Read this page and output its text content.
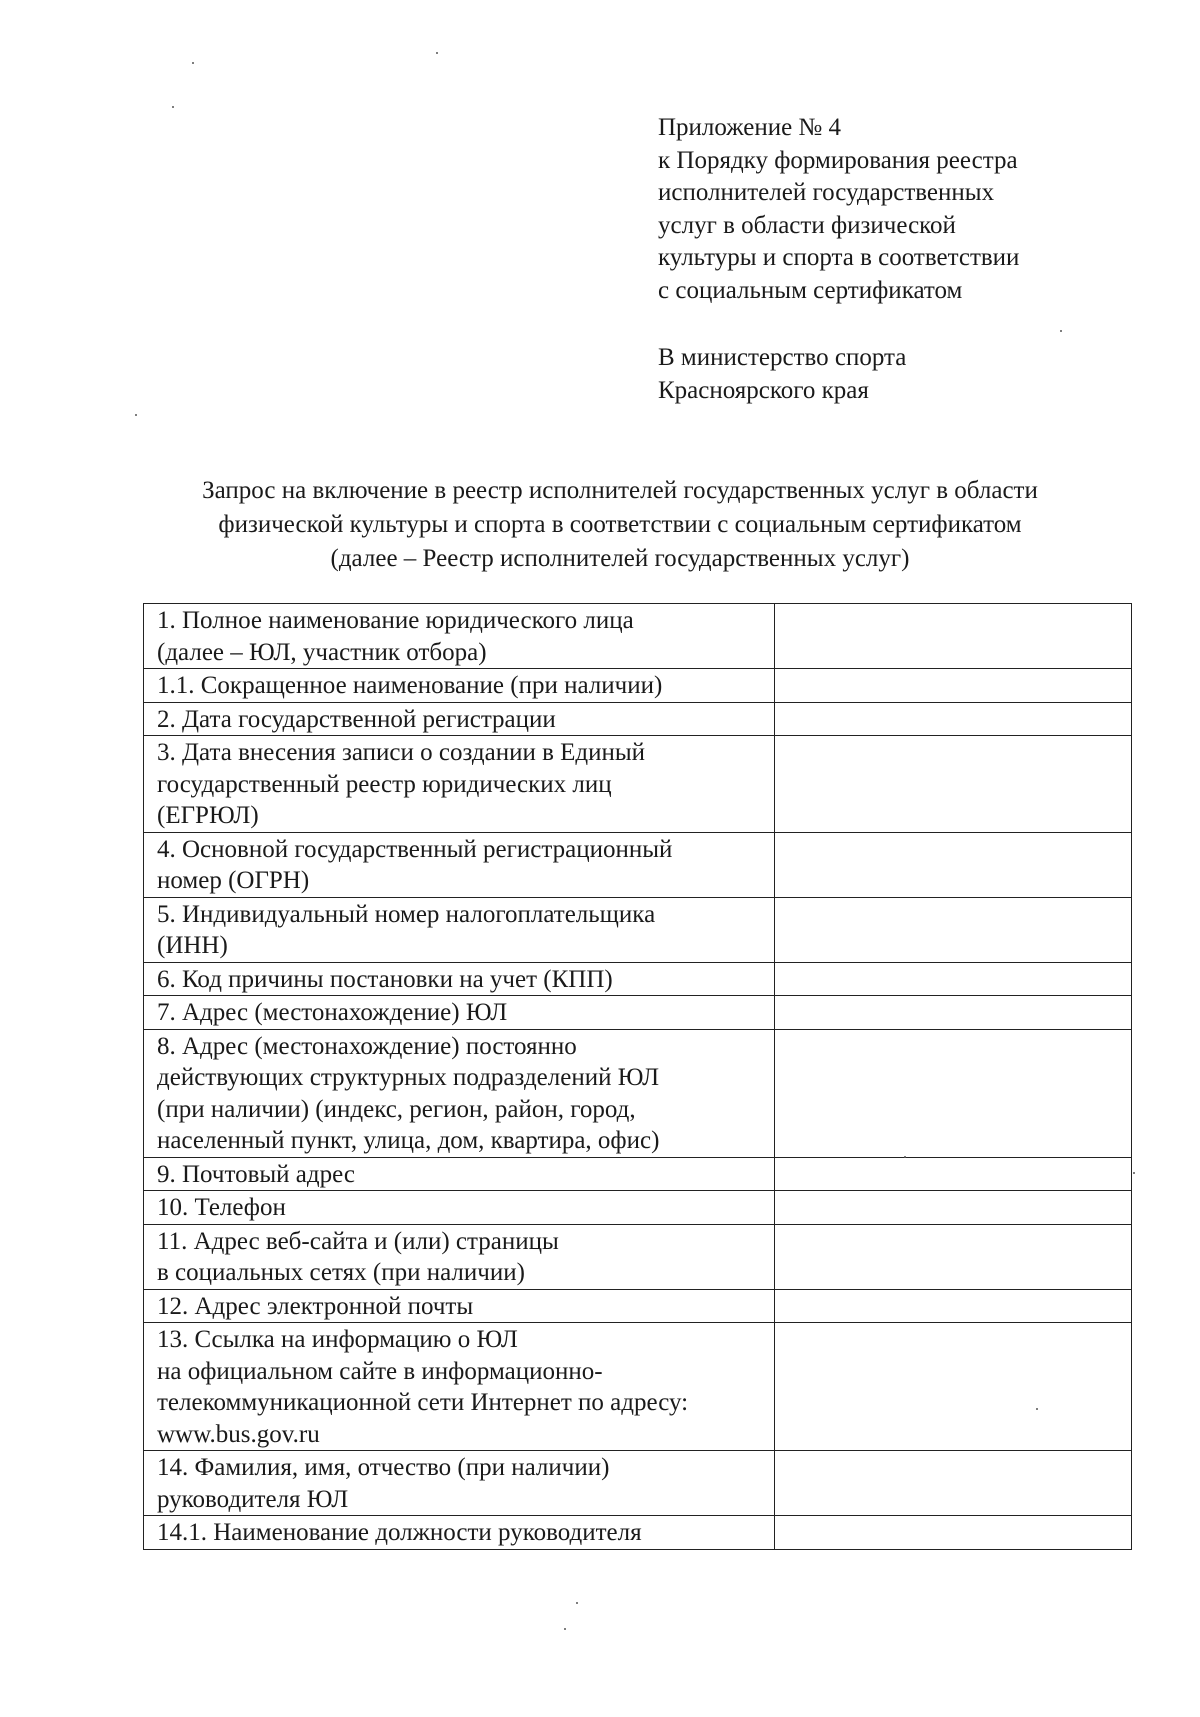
Приложение № 4
к Порядку формирования реестра
исполнителей государственных
услуг в области физической
культуры и спорта в соответствии
с социальным сертификатом
В министерство спорта
Красноярского края
Запрос на включение в реестр исполнителей государственных услуг в области
физической культуры и спорта в соответствии с социальным сертификатом
(далее – Реестр исполнителей государственных услуг)
1. Полное наименование юридического лица
(далее – ЮЛ, участник отбора)	

1.1. Сокращенное наименование (при наличии)	

2. Дата государственной регистрации	

3. Дата внесения записи о создании в Единый
государственный реестр юридических лиц
(ЕГРЮЛ)	

4. Основной государственный регистрационный
номер (ОГРН)	

5. Индивидуальный номер налогоплательщика
(ИНН)	

6. Код причины постановки на учет (КПП)	

7. Адрес (местонахождение) ЮЛ	

8. Адрес (местонахождение) постоянно
действующих структурных подразделений ЮЛ
(при наличии) (индекс, регион, район, город,
населенный пункт, улица, дом, квартира, офис)	

9. Почтовый адрес	

10. Телефон	

11. Адрес веб-сайта и (или) страницы
в социальных сетях (при наличии)	

12. Адрес электронной почты	

13. Ссылка на информацию о ЮЛ
на официальном сайте в информационно-
телекоммуникационной сети Интернет по адресу:
www.bus.gov.ru	

14. Фамилия, имя, отчество (при наличии)
руководителя ЮЛ	

14.1. Наименование должности руководителя	
